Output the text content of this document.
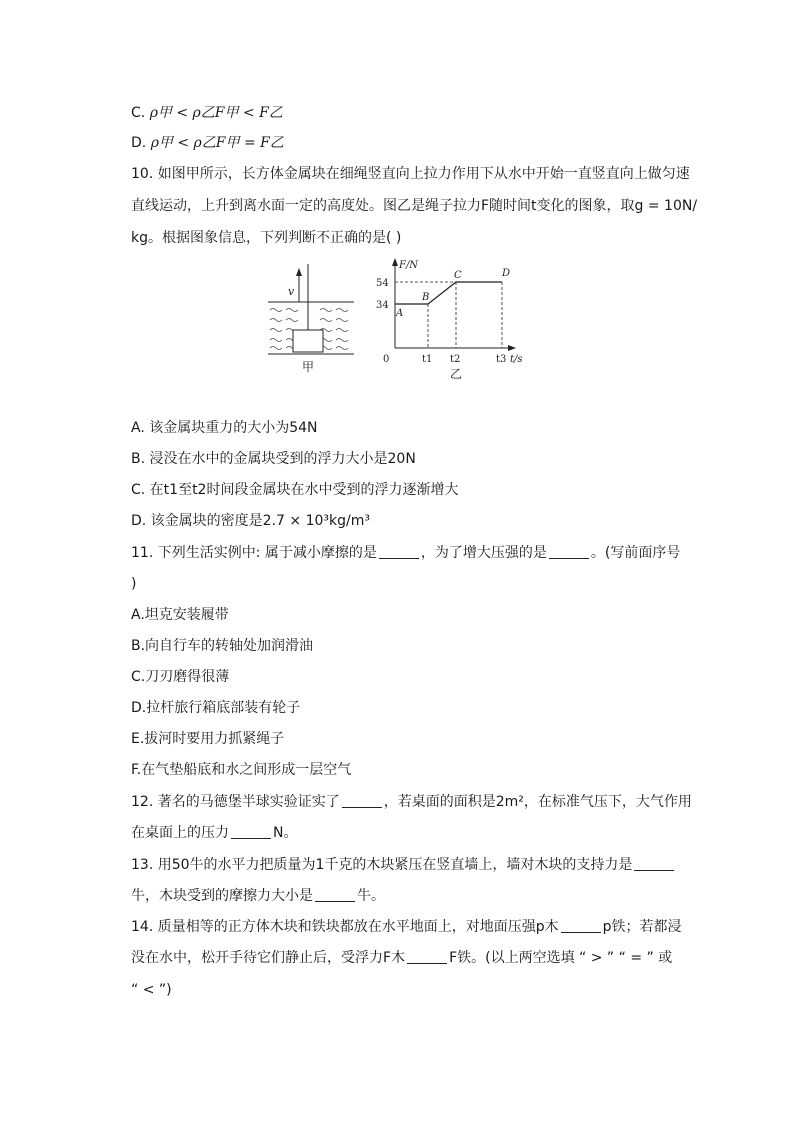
C. ρ甲 < ρ乙F甲 < F乙
D. ρ甲 < ρ乙F甲 = F乙
10. 如图甲所示，长方体金属块在细绳竖直向上拉力作用下从水中开始一直竖直向上做匀速
直线运动，上升到离水面一定的高度处。图乙是绳子拉力F随时间t变化的图象，取g = 10N/
kg。根据图象信息，下列判断不正确的是( )
v
甲
F/N
t/s
0
54
34
t1 t2	t3
A
B
C	D
乙
A. 该金属块重力的大小为54N
B. 浸没在水中的金属块受到的浮力大小是20N
C. 在t1至t2时间段金属块在水中受到的浮力逐渐增大
D. 该金属块的密度是2.7 × 10³kg/m³
11. 下列生活实例中: 属于减小摩擦的是	，为了增大压强的是	。(写前面序号
)
A.坦克安装履带
B.向自行车的转轴处加润滑油
C.刀刃磨得很薄
D.拉杆旅行箱底部装有轮子
E.拔河时要用力抓紧绳子
F.在气垫船底和水之间形成一层空气
12. 著名的马德堡半球实验证实了	，若桌面的面积是2m²，在标准气压下，大气作用
在桌面上的压力	N。
13. 用50牛的水平力把质量为1千克的木块紧压在竖直墙上，墙对木块的支持力是
牛，木块受到的摩擦力大小是	牛。
14. 质量相等的正方体木块和铁块都放在水平地面上，对地面压强p木	p铁；若都浸
没在水中，松开手待它们静止后，受浮力F木	F铁。(以上两空选填 “ > ” “ = ” 或
“ < ”)
